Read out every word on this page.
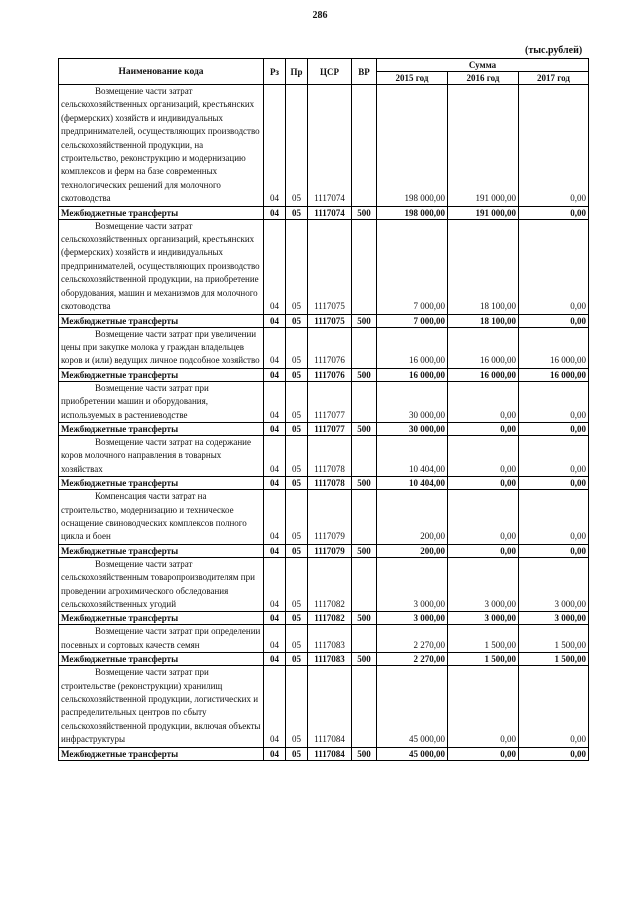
286
(тыс.рублей)
Наименование кода	Рз	Пр	ЦСР	ВР	Сумма		
					2015 год	2016 год	2017 год
Возмещение части затрат сельскохозяйственных организаций, крестьянских (фермерских) хозяйств и индивидуальных предпринимателей, осуществляющих производство сельскохозяйственной продукции, на строительство, реконструкцию и модернизацию комплексов и ферм на базе современных технологических решений для молочного скотоводства	04	05	1117074		198 000,00	191 000,00	0,00
Межбюджетные трансферты	04	05	1117074	500	198 000,00	191 000,00	0,00
Возмещение части затрат сельскохозяйственных организаций, крестьянских (фермерских) хозяйств и индивидуальных предпринимателей, осуществляющих производство сельскохозяйственной продукции, на приобретение оборудования, машин и механизмов для молочного скотоводства	04	05	1117075		7 000,00	18 100,00	0,00
Межбюджетные трансферты	04	05	1117075	500	7 000,00	18 100,00	0,00
Возмещение части затрат при увеличении цены при закупке молока у граждан владельцев коров и (или) ведущих личное подсобное хозяйство	04	05	1117076		16 000,00	16 000,00	16 000,00
Межбюджетные трансферты	04	05	1117076	500	16 000,00	16 000,00	16 000,00
Возмещение части затрат при приобретении машин и оборудования, используемых в растениеводстве	04	05	1117077		30 000,00	0,00	0,00
Межбюджетные трансферты	04	05	1117077	500	30 000,00	0,00	0,00
Возмещение части затрат на содержание коров молочного направления в товарных хозяйствах	04	05	1117078		10 404,00	0,00	0,00
Межбюджетные трансферты	04	05	1117078	500	10 404,00	0,00	0,00
Компенсация части затрат на строительство, модернизацию и техническое оснащение свиноводческих комплексов полного цикла и боен	04	05	1117079		200,00	0,00	0,00
Межбюджетные трансферты	04	05	1117079	500	200,00	0,00	0,00
Возмещение части затрат сельскохозяйственным товаропроизводителям при проведении агрохимического обследования сельскохозяйственных угодий	04	05	1117082		3 000,00	3 000,00	3 000,00
Межбюджетные трансферты	04	05	1117082	500	3 000,00	3 000,00	3 000,00
Возмещение части затрат при определении посевных и сортовых качеств семян	04	05	1117083		2 270,00	1 500,00	1 500,00
Межбюджетные трансферты	04	05	1117083	500	2 270,00	1 500,00	1 500,00
Возмещение части затрат при строительстве (реконструкции) хранилищ сельскохозяйственной продукции, логистических и распределительных центров по сбыту сельскохозяйственной продукции, включая объекты инфраструктуры	04	05	1117084		45 000,00	0,00	0,00
Межбюджетные трансферты	04	05	1117084	500	45 000,00	0,00	0,00
